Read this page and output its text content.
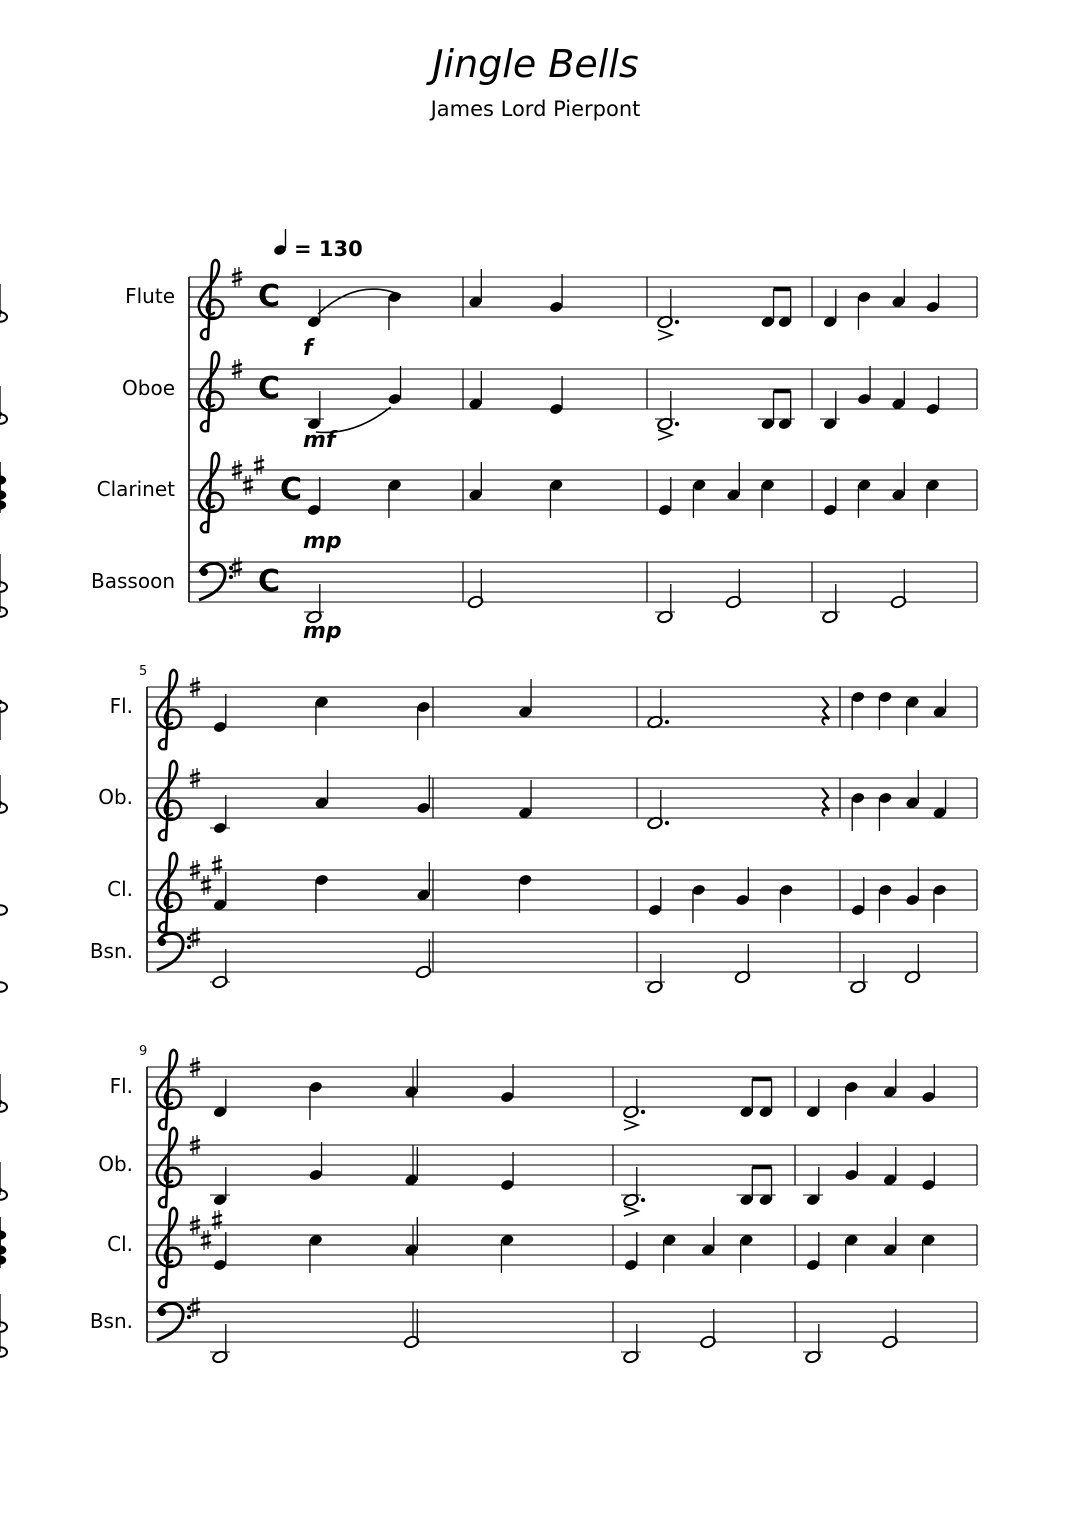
Jingle Bells
James Lord Pierpont
= 130
Flute	C
f
Oboe	C
mf
Clarinet	C
mp
Bassoon	C
mp
5
Fl.
Ob.
Cl.
Bsn.
9
Fl.
Ob.
Cl.
Bsn.
